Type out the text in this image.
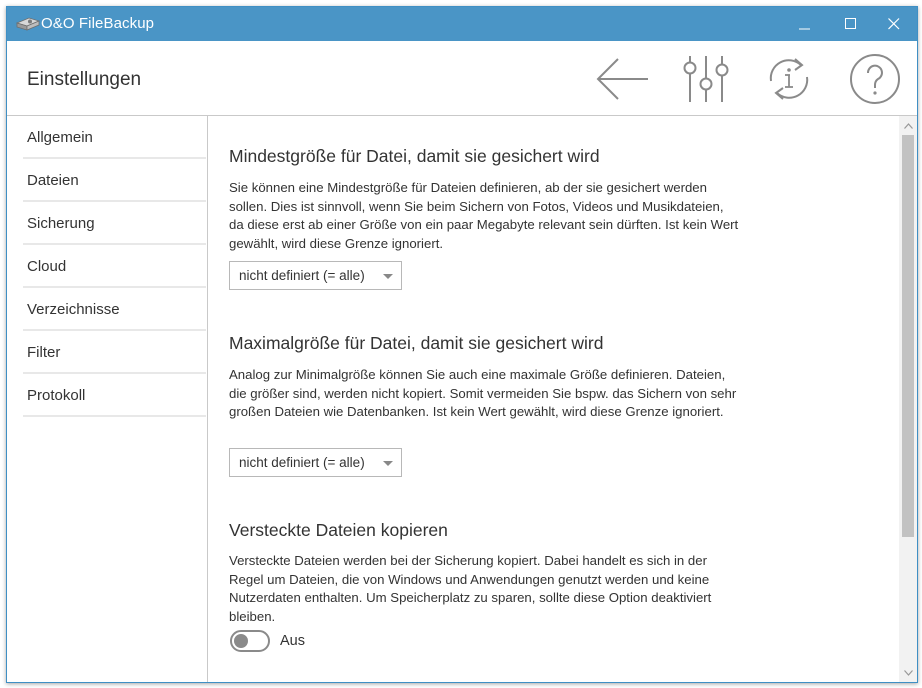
O&O FileBackup
Einstellungen
Allgemein
Dateien
Sicherung
Cloud
Verzeichnisse
Filter
Protokoll
Mindestgröße für Datei, damit sie gesichert wird
Sie können eine Mindestgröße für Dateien definieren, ab der sie gesichert werden sollen. Dies ist sinnvoll, wenn Sie beim Sichern von Fotos, Videos und Musikdateien, da diese erst ab einer Größe von ein paar Megabyte relevant sein dürften. Ist kein Wert gewählt, wird diese Grenze ignoriert.
nicht definiert (= alle)
Maximalgröße für Datei, damit sie gesichert wird
Analog zur Minimalgröße können Sie auch eine maximale Größe definieren. Dateien, die größer sind, werden nicht kopiert. Somit vermeiden Sie bspw. das Sichern von sehr großen Dateien wie Datenbanken. Ist kein Wert gewählt, wird diese Grenze ignoriert.
nicht definiert (= alle)
Versteckte Dateien kopieren
Versteckte Dateien werden bei der Sicherung kopiert. Dabei handelt es sich in der Regel um Dateien, die von Windows und Anwendungen genutzt werden und keine Nutzerdaten enthalten. Um Speicherplatz zu sparen, sollte diese Option deaktiviert bleiben.
Aus
